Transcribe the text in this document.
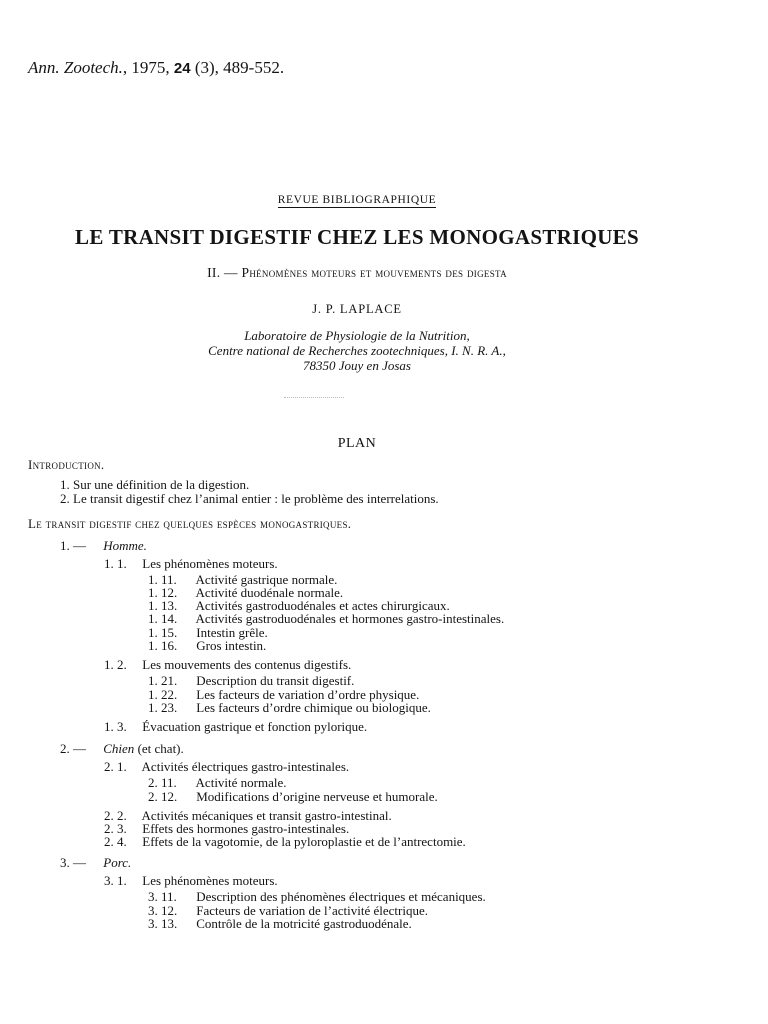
Ann. Zootech., 1975, 24 (3), 489-552.
REVUE BIBLIOGRAPHIQUE
LE TRANSIT DIGESTIF CHEZ LES MONOGASTRIQUES
II. — Phénomènes moteurs et mouvements des digesta
J. P. LAPLACE
Laboratoire de Physiologie de la Nutrition,
Centre national de Recherches zootechniques, I. N. R. A.,
78350 Jouy en Josas
PLAN
Introduction.
1. Sur une définition de la digestion.
2. Le transit digestif chez l’animal entier : le problème des interrelations.
Le transit digestif chez quelques espèces monogastriques.
1. — Homme.
1. 1. Les phénomènes moteurs.
1. 11. Activité gastrique normale.
1. 12. Activité duodénale normale.
1. 13. Activités gastroduodénales et actes chirurgicaux.
1. 14. Activités gastroduodénales et hormones gastro-intestinales.
1. 15. Intestin grêle.
1. 16. Gros intestin.
1. 2. Les mouvements des contenus digestifs.
1. 21. Description du transit digestif.
1. 22. Les facteurs de variation d’ordre physique.
1. 23. Les facteurs d’ordre chimique ou biologique.
1. 3. Évacuation gastrique et fonction pylorique.
2. — Chien (et chat).
2. 1. Activités électriques gastro-intestinales.
2. 11. Activité normale.
2. 12. Modifications d’origine nerveuse et humorale.
2. 2. Activités mécaniques et transit gastro-intestinal.
2. 3. Effets des hormones gastro-intestinales.
2. 4. Effets de la vagotomie, de la pyloroplastie et de l’antrectomie.
3. — Porc.
3. 1. Les phénomènes moteurs.
3. 11. Description des phénomènes électriques et mécaniques.
3. 12. Facteurs de variation de l’activité électrique.
3. 13. Contrôle de la motricité gastroduodénale.
